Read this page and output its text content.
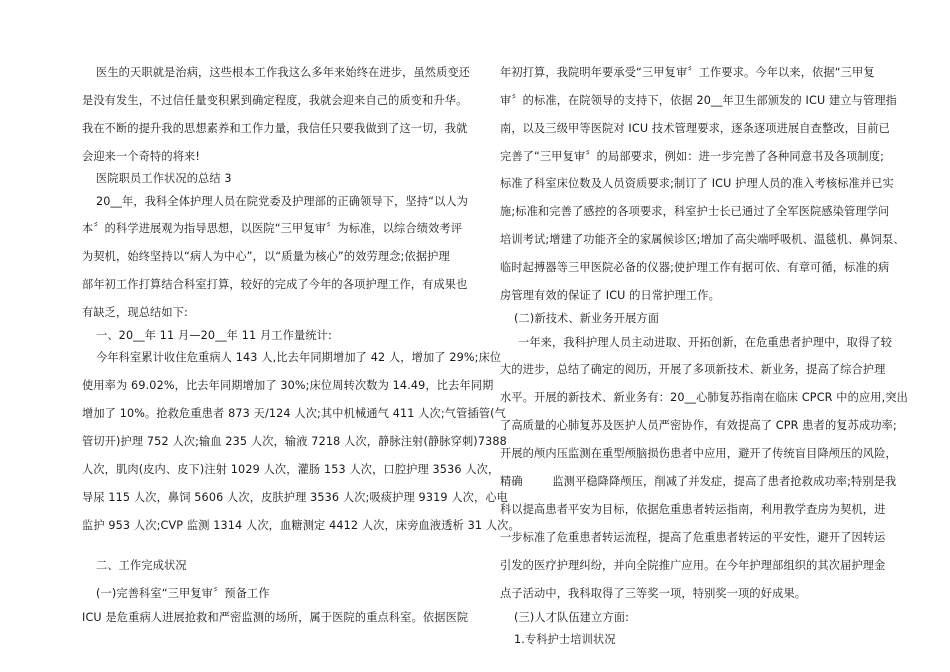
医生的天职就是治病，这些根本工作我这么多年来始终在进步，虽然质变还
是没有发生，不过信任量变积累到确定程度，我就会迎来自己的质变和升华。
我在不断的提升我的思想素养和工作力量，我信任只要我做到了这一切，我就
会迎来一个奇特的将来!
医院职员工作状况的总结 3
20__年，我科全体护理人员在院党委及护理部的正确领导下，坚持“以人为
本〞的科学进展观为指导思想，以医院“三甲复审〞为标准，以综合绩效考评
为契机，始终坚持以“病人为中心”，以“质量为核心”的效劳理念;依据护理
部年初工作打算结合科室打算，较好的完成了今年的各项护理工作，有成果也
有缺乏，现总结如下:
一、20__年 11 月—20__年 11 月工作量统计:
今年科室累计收住危重病人 143 人,比去年同期增加了 42 人，增加了 29%;床位
使用率为 69.02%，比去年同期增加了 30%;床位周转次数为 14.49，比去年同期
增加了 10%。抢救危重患者 873 天/124 人次;其中机械通气 411 人次;气管插管(气
管切开)护理 752 人次;输血 235 人次，输液 7218 人次，静脉注射(静脉穿刺)7388
人次，肌肉(皮内、皮下)注射 1029 人次，灌肠 153 人次，口腔护理 3536 人次，
导尿 115 人次，鼻饲 5606 人次，皮肤护理 3536 人次;吸痰护理 9319 人次，心电
监护 953 人次;CVP 监测 1314 人次，血糖测定 4412 人次，床旁血液透析 31 人次。
二、工作完成状况
(一)完善科室“三甲复审〞预备工作
ICU 是危重病人进展抢救和严密监测的场所，属于医院的重点科室。依据医院
年初打算，我院明年要承受“三甲复审〞工作要求。今年以来，依据“三甲复
审〞的标准，在院领导的支持下，依据 20__年卫生部颁发的 ICU 建立与管理指
南，以及三级甲等医院对 ICU 技术管理要求，逐条逐项进展自查整改，目前已
完善了“三甲复审〞的局部要求，例如：进一步完善了各种同意书及各项制度;
标准了科室床位数及人员资质要求;制订了 ICU 护理人员的准入考核标准并已实
施;标准和完善了感控的各项要求，科室护士长已通过了全军医院感染管理学问
培训考试;增建了功能齐全的家属候诊区;增加了高尖端呼吸机、温毯机、鼻饲泵、
临时起搏器等三甲医院必备的仪器;使护理工作有据可依、有章可循，标准的病
房管理有效的保证了 ICU 的日常护理工作。
(二)新技术、新业务开展方面
一年来，我科护理人员主动进取、开拓创新，在危重患者护理中，取得了较
大的进步，总结了确定的阅历，开展了多项新技术、新业务，提高了综合护理
水平。开展的新技术、新业务有：20__心肺复苏指南在临床 CPCR 中的应用,突出
了高质量的心肺复苏及医护人员严密协作，有效提高了 CPR 患者的复苏成功率;
开展的颅内压监测在重型颅脑损伤患者中应用，避开了传统盲目降颅压的风险，
精确        监测平稳降降颅压，削减了并发症，提高了患者抢救成功率;特别是我
科以提高患者平安为目标，依据危重患者转运指南，利用教学查房为契机，进
一步标准了危重患者转运流程，提高了危重患者转运的平安性，避开了因转运
引发的医疗护理纠纷，并向全院推广应用。在今年护理部组织的其次届护理金
点子活动中，我科取得了三等奖一项，特别奖一项的好成果。
(三)人才队伍建立方面:
1.专科护士培训状况
